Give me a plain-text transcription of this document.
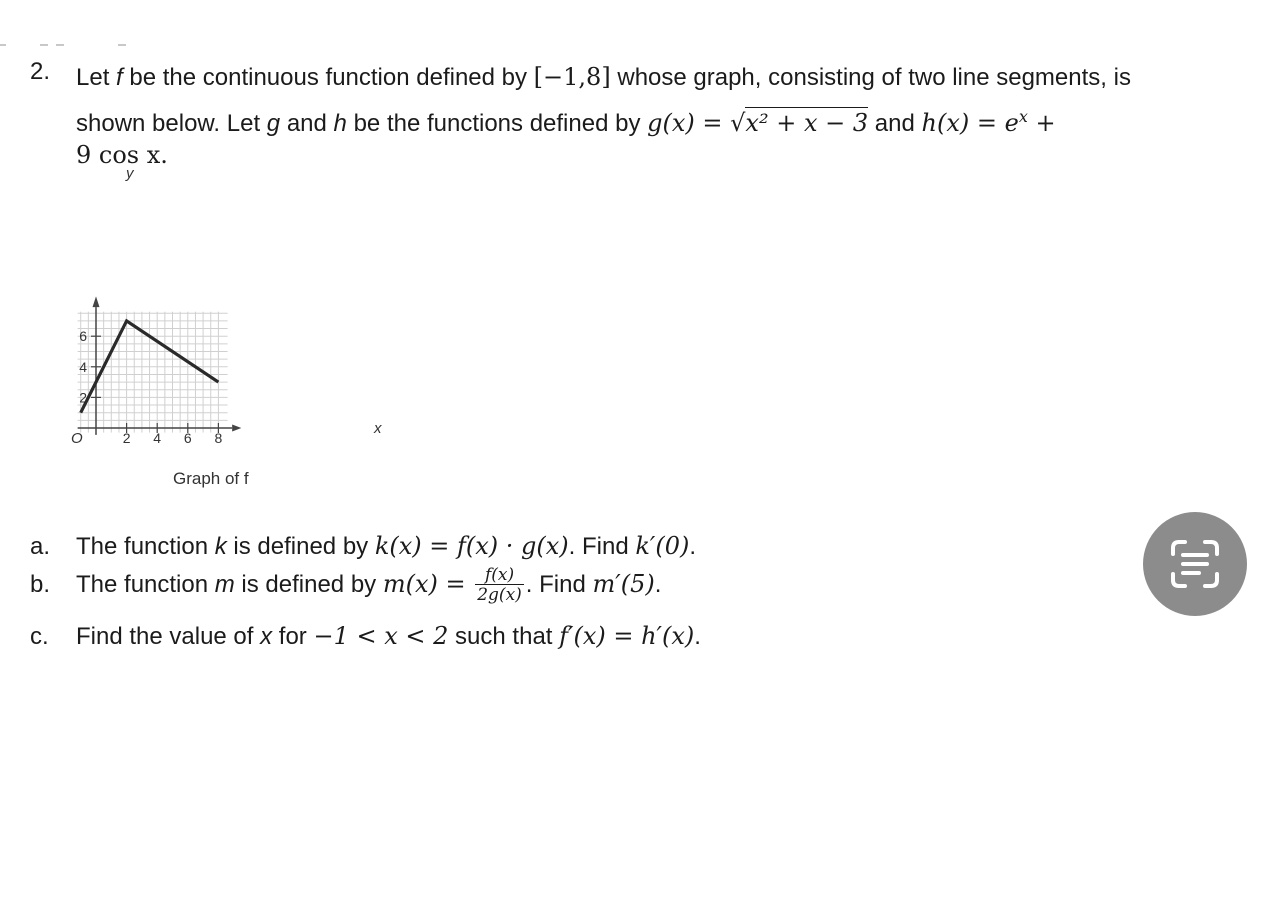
2. Let f be the continuous function defined by [−1,8] whose graph, consisting of two line segments, is
shown below. Let g and h be the functions defined by g(x) = √x² + x − 3 and $h(x) = e^x$ +
9 cos x.
2 4 6 8
2
4
6
y
x
O
Graph of f
a. The function k is defined by k(x) = f(x) · g(x). Find k′(0).
b. The function m is defined by $m(x) = \frac{f(x)}{2g(x)}$ . Find m′(5).
c. Find the value of x for −1 < x < 2 such that f′(x) = h′(x).
